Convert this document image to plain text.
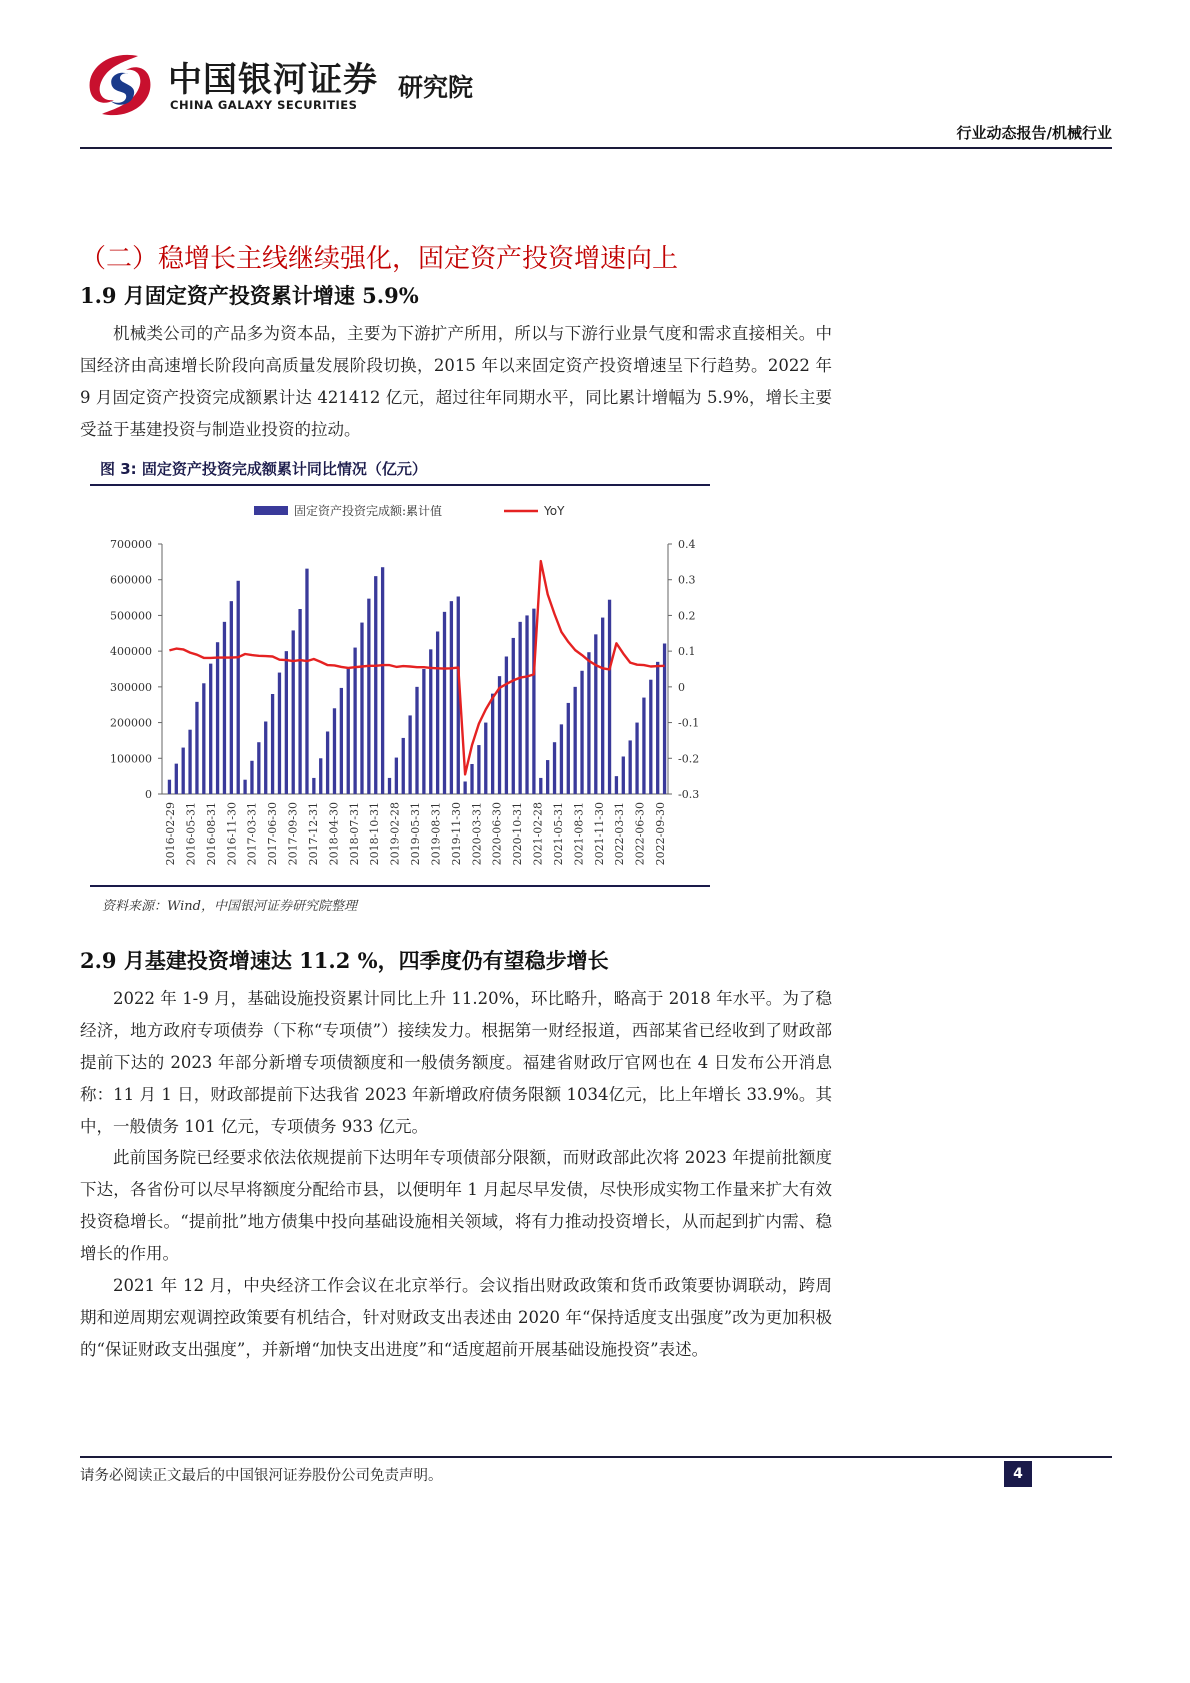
中国银河证券
CHINA GALAXY SECURITIES
研究院
行业动态报告/机械行业
（二）稳增长主线继续强化，固定资产投资增速向上
1.9 月固定资产投资累计增速 5.9%
机械类公司的产品多为资本品，主要为下游扩产所用，所以与下游行业景气度和需求直接相关。中国经济由高速增长阶段向高质量发展阶段切换，2015 年以来固定资产投资增速呈下行趋势。2022 年 9 月固定资产投资完成额累计达 421412 亿元，超过往年同期水平，同比累计增幅为 5.9%，增长主要受益于基建投资与制造业投资的拉动。
图 3: 固定资产投资完成额累计同比情况（亿元）
固定资产投资完成额:累计值	YoY
700000
600000
500000
400000
300000
200000
100000
0
0.4
0.3
0.2
0.1
0
-0.1
-0.2
-0.3
2016-02-29 2016-05-31 2016-08-31 2016-11-30 2017-03-31 2017-06-30 2017-09-30 2017-12-31 2018-04-30 2018-07-31 2018-10-31 2019-02-28 2019-05-31 2019-08-31 2019-11-30 2020-03-31 2020-06-30 2020-10-31 2021-02-28 2021-05-31 2021-08-31 2021-11-30 2022-03-31 2022-06-30 2022-09-30
资料来源：Wind，中国银河证券研究院整理
2.9 月基建投资增速达 11.2 %，四季度仍有望稳步增长
2022 年 1-9 月，基础设施投资累计同比上升 11.20%，环比略升，略高于 2018 年水平。为了稳经济，地方政府专项债券（下称“专项债”）接续发力。根据第一财经报道，西部某省已经收到了财政部提前下达的 2023 年部分新增专项债额度和一般债务额度。福建省财政厅官网也在 4 日发布公开消息称：11 月 1 日，财政部提前下达我省 2023 年新增政府债务限额 1034亿元，比上年增长 33.9%。其中，一般债务 101 亿元，专项债务 933 亿元。
此前国务院已经要求依法依规提前下达明年专项债部分限额，而财政部此次将 2023 年提前批额度下达，各省份可以尽早将额度分配给市县，以便明年 1 月起尽早发债，尽快形成实物工作量来扩大有效投资稳增长。“提前批”地方债集中投向基础设施相关领域，将有力推动投资增长，从而起到扩内需、稳增长的作用。
2021 年 12 月，中央经济工作会议在北京举行。会议指出财政政策和货币政策要协调联动，跨周期和逆周期宏观调控政策要有机结合，针对财政支出表述由 2020 年“保持适度支出强度”改为更加积极的“保证财政支出强度”，并新增“加快支出进度”和“适度超前开展基础设施投资”表述。
请务必阅读正文最后的中国银河证券股份公司免责声明。	4
